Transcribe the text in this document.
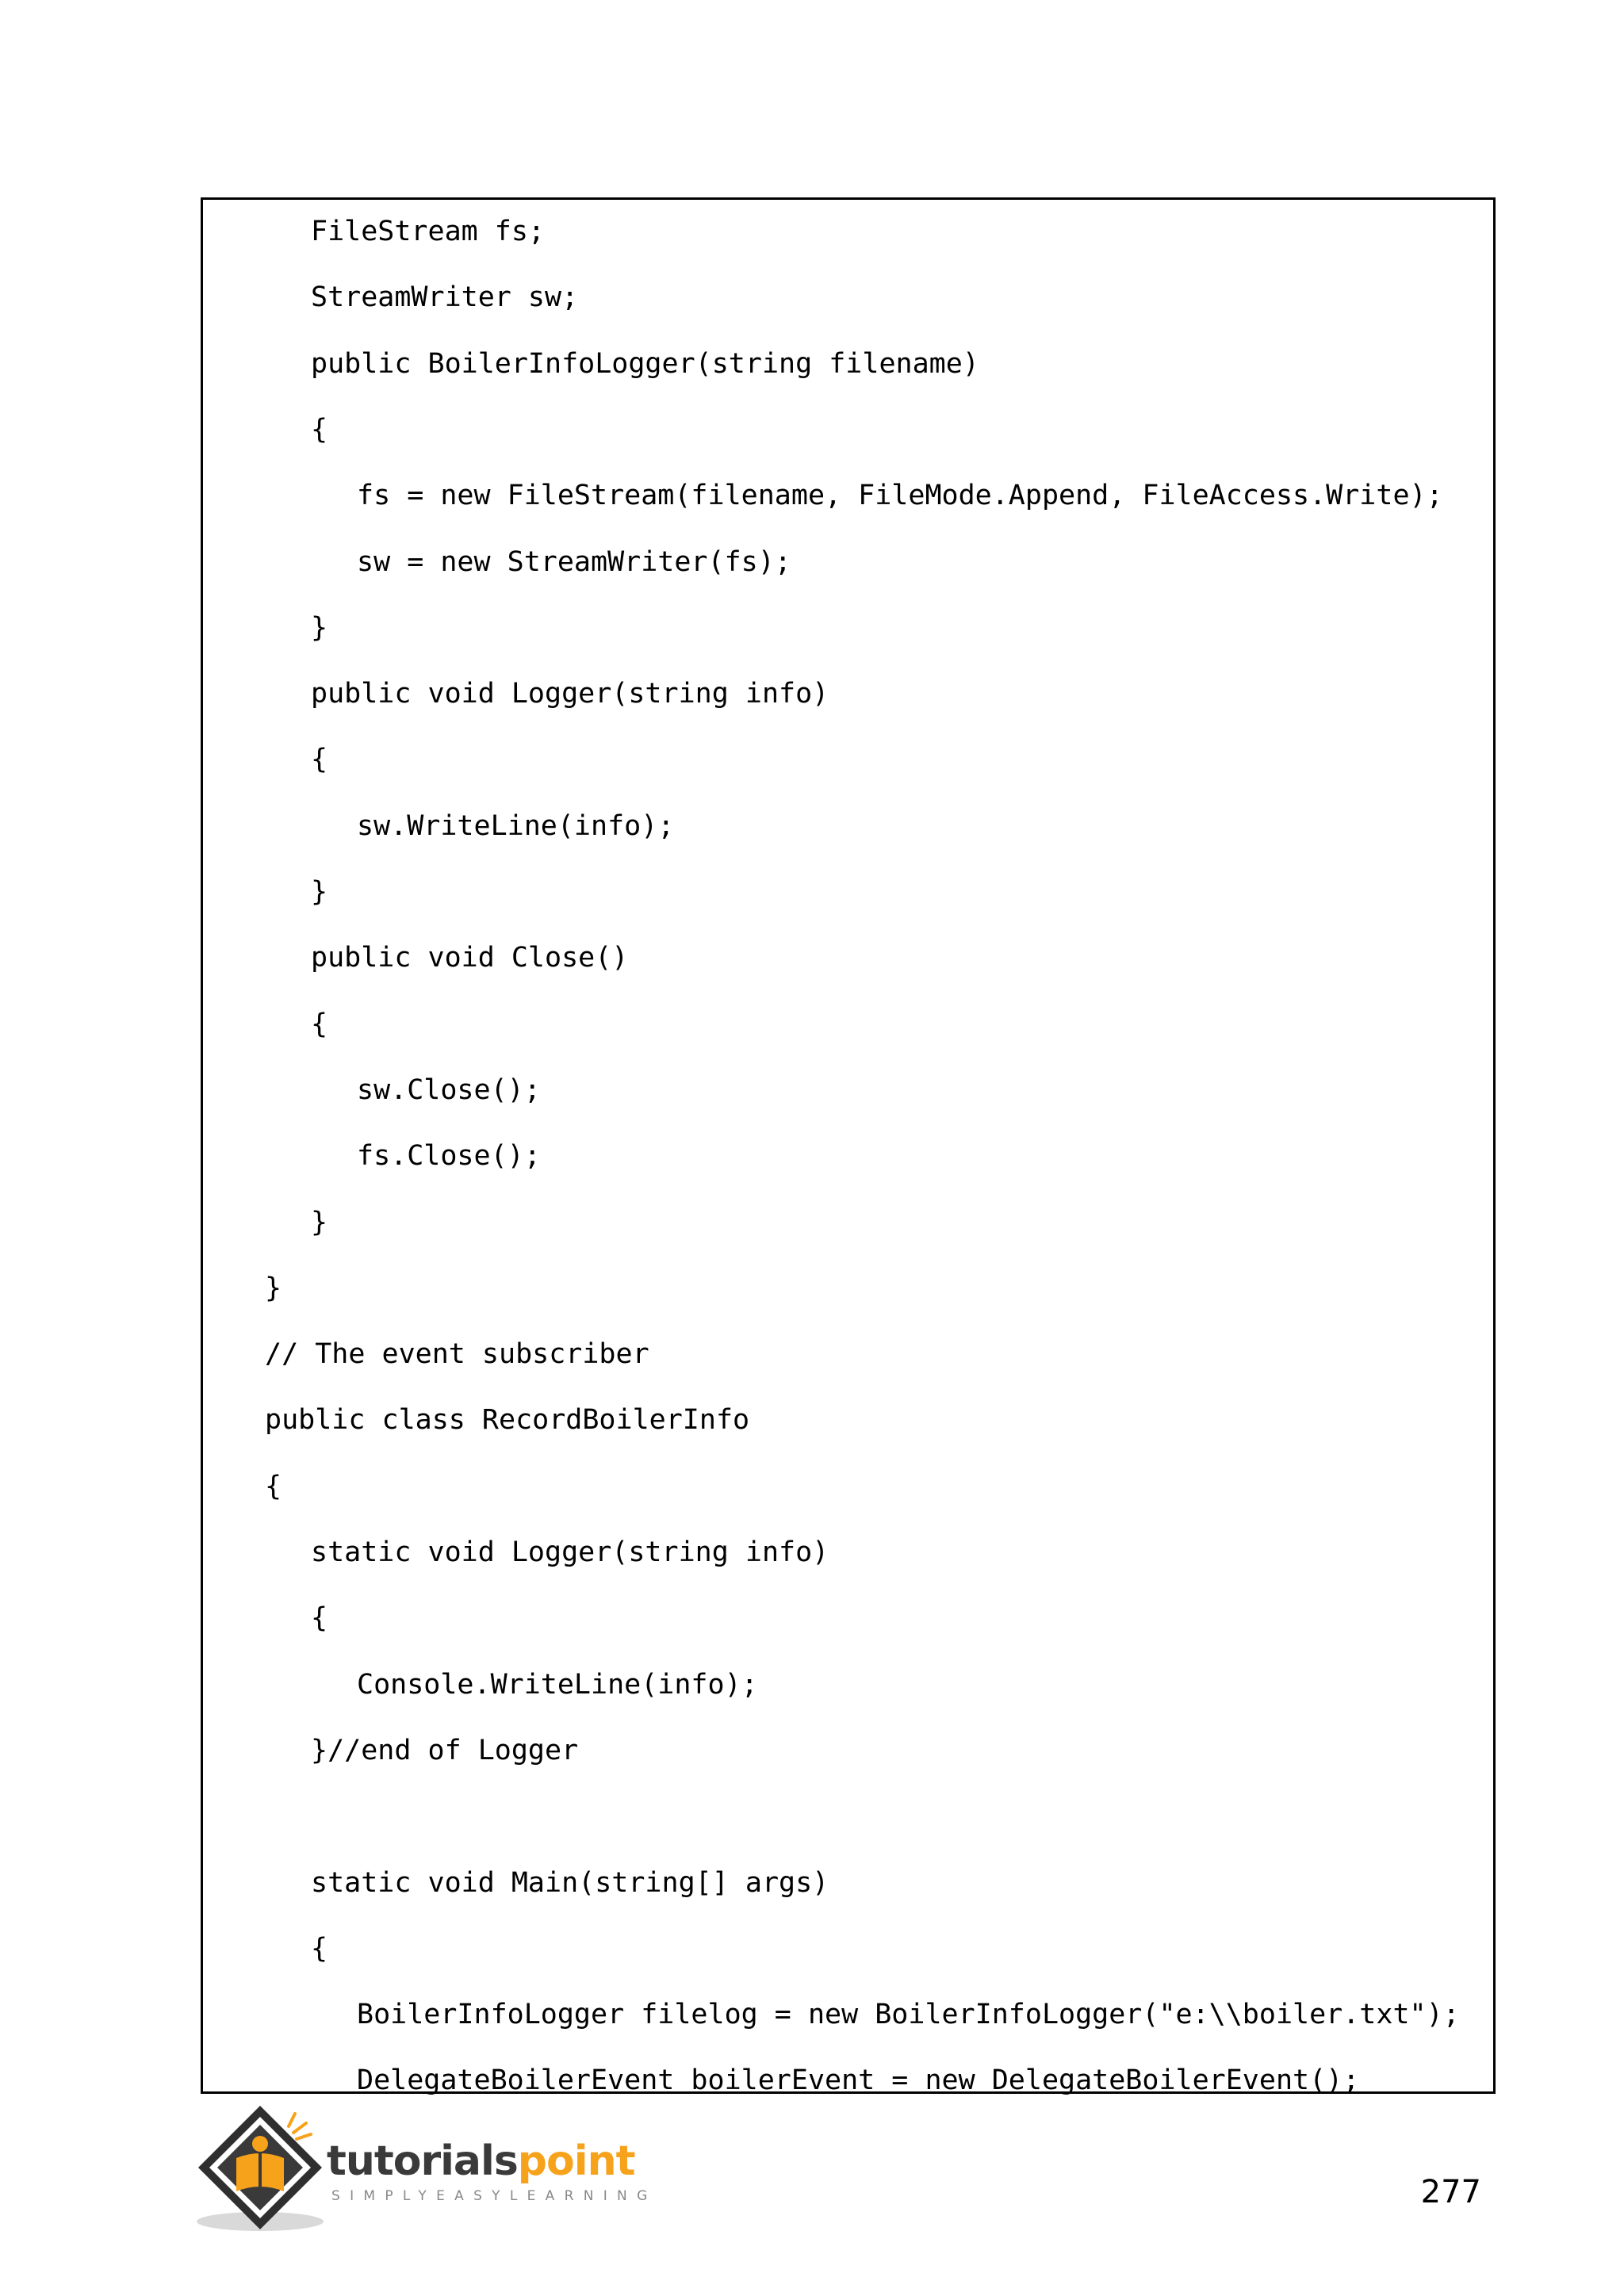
FileStream fs;
StreamWriter sw;
public BoilerInfoLogger(string filename)
{
fs = new FileStream(filename, FileMode.Append, FileAccess.Write);
sw = new StreamWriter(fs);
}
public void Logger(string info)
{
sw.WriteLine(info);
}
public void Close()
{
sw.Close();
fs.Close();
}
}
// The event subscriber
public class RecordBoilerInfo
{
static void Logger(string info)
{
Console.WriteLine(info);
}//end of Logger
static void Main(string[] args)
{
BoilerInfoLogger filelog = new BoilerInfoLogger("e:\\boiler.txt");
DelegateBoilerEvent boilerEvent = new DelegateBoilerEvent();
tutorialspoint
SIMPLYEASYLEARNING	277
